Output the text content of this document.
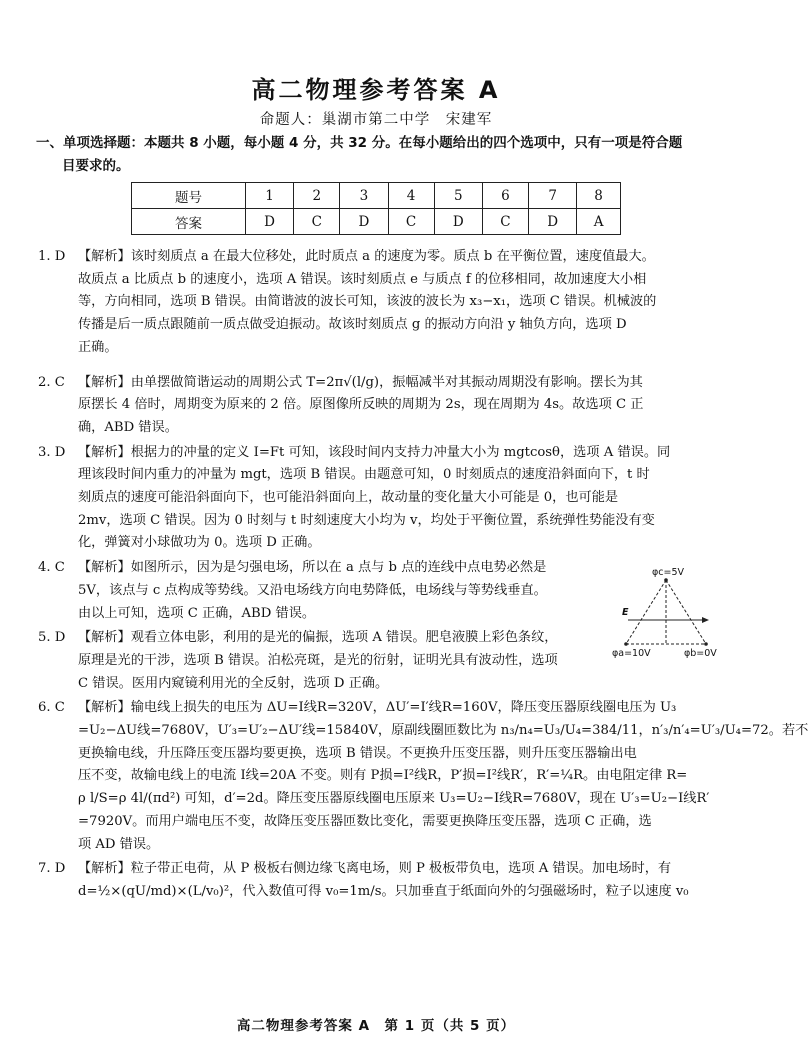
高二物理参考答案 A
命题人：巢湖市第二中学　宋建军
一、单项选择题：本题共 8 小题，每小题 4 分，共 32 分。在每小题给出的四个选项中，只有一项是符合题
目要求的。
题号	1	2	3	4	5	6	7	8
答案	D	C	D	C	D	C	D	A
1. D 【解析】该时刻质点 a 在最大位移处，此时质点 a 的速度为零。质点 b 在平衡位置，速度值最大。
故质点 a 比质点 b 的速度小，选项 A 错误。该时刻质点 e 与质点 f 的位移相同，故加速度大小相
等，方向相同，选项 B 错误。由简谐波的波长可知，该波的波长为 x₃−x₁，选项 C 错误。机械波的
传播是后一质点跟随前一质点做受迫振动。故该时刻质点 g 的振动方向沿 y 轴负方向，选项 D
正确。
2. C 【解析】由单摆做简谐运动的周期公式 T=2π√(l/g)，振幅减半对其振动周期没有影响。摆长为其
原摆长 4 倍时，周期变为原来的 2 倍。原图像所反映的周期为 2s，现在周期为 4s。故选项 C 正
确，ABD 错误。
3. D 【解析】根据力的冲量的定义 I=Ft 可知，该段时间内支持力冲量大小为 mgtcosθ，选项 A 错误。同
理该段时间内重力的冲量为 mgt，选项 B 错误。由题意可知，0 时刻质点的速度沿斜面向下，t 时
刻质点的速度可能沿斜面向下，也可能沿斜面向上，故动量的变化量大小可能是 0，也可能是
2mv，选项 C 错误。因为 0 时刻与 t 时刻速度大小均为 v，均处于平衡位置，系统弹性势能没有变
化，弹簧对小球做功为 0。选项 D 正确。
4. C 【解析】如图所示，因为是匀强电场，所以在 a 点与 b 点的连线中点电势必然是
5V，该点与 c 点构成等势线。又沿电场线方向电势降低，电场线与等势线垂直。
由以上可知，选项 C 正确，ABD 错误。
5. D 【解析】观看立体电影，利用的是光的偏振，选项 A 错误。肥皂液膜上彩色条纹，
原理是光的干涉，选项 B 错误。泊松亮斑，是光的衍射，证明光具有波动性，选项
C 错误。医用内窥镜利用光的全反射，选项 D 正确。
6. C 【解析】输电线上损失的电压为 ΔU=I线R=320V，ΔU′=I′线R=160V，降压变压器原线圈电压为 U₃
=U₂−ΔU线=7680V，U′₃=U′₂−ΔU′线=15840V，原副线圈匝数比为 n₃/n₄=U₃/U₄=384/11，n′₃/n′₄=U′₃/U₄=72。若不
更换输电线，升压降压变压器均要更换，选项 B 错误。不更换升压变压器，则升压变压器输出电
压不变，故输电线上的电流 I线=20A 不变。则有 P损=I²线R，P′损=I²线R′，R′=¼R。由电阻定律 R=
ρ l/S=ρ 4l/(πd²) 可知，d′=2d。降压变压器原线圈电压原来 U₃=U₂−I线R=7680V，现在 U′₃=U₂−I线R′
=7920V。而用户端电压不变，故降压变压器匝数比变化，需要更换降压变压器，选项 C 正确，选
项 AD 错误。
7. D 【解析】粒子带正电荷，从 P 极板右侧边缘飞离电场，则 P 极板带负电，选项 A 错误。加电场时，有
d=½×(qU/md)×(L/v₀)²，代入数值可得 v₀=1m/s。只加垂直于纸面向外的匀强磁场时，粒子以速度 v₀
φc=5V
φa=10V	φb=0V
E
高二物理参考答案 A　第 1 页（共 5 页）
